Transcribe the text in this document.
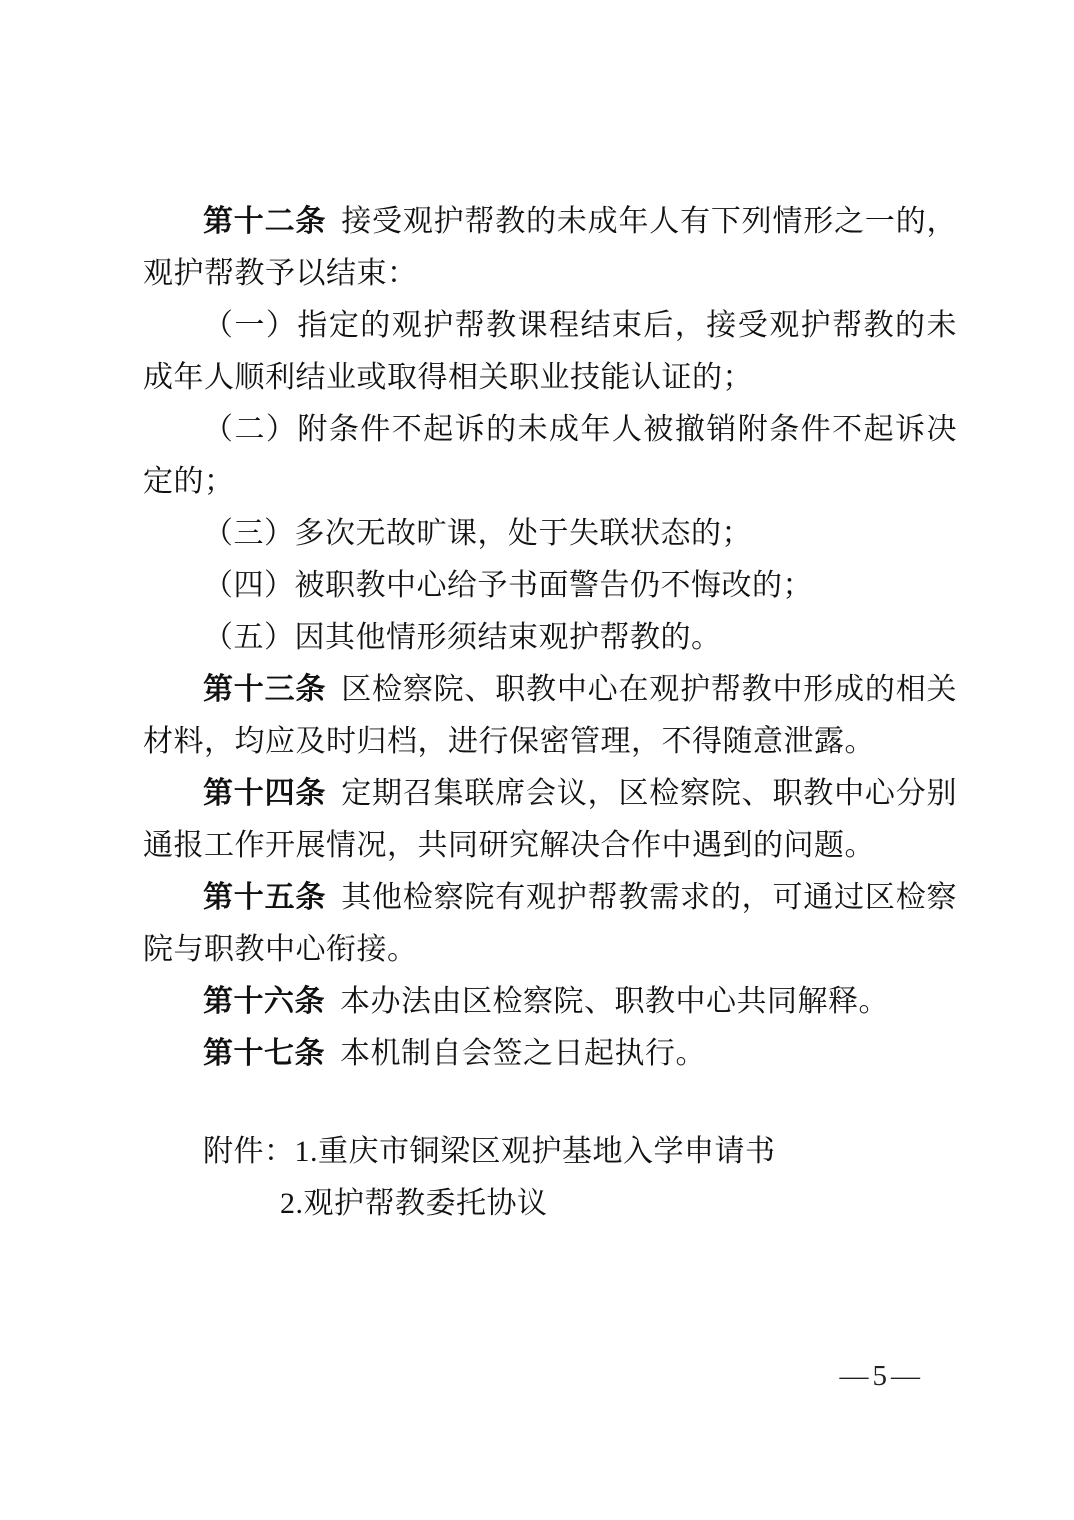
第十二条 接受观护帮教的未成年人有下列情形之一的，观护帮教予以结束：

（一）指定的观护帮教课程结束后，接受观护帮教的未成年人顺利结业或取得相关职业技能认证的；

（二）附条件不起诉的未成年人被撤销附条件不起诉决定的；

（三）多次无故旷课，处于失联状态的；

（四）被职教中心给予书面警告仍不悔改的；

（五）因其他情形须结束观护帮教的。

第十三条 区检察院、职教中心在观护帮教中形成的相关材料，均应及时归档，进行保密管理，不得随意泄露。

第十四条 定期召集联席会议，区检察院、职教中心分别通报工作开展情况，共同研究解决合作中遇到的问题。

第十五条 其他检察院有观护帮教需求的，可通过区检察院与职教中心衔接。

第十六条 本办法由区检察院、职教中心共同解释。

第十七条 本机制自会签之日起执行。

附件：1.重庆市铜梁区观护基地入学申请书

2.观护帮教委托协议

—5—
